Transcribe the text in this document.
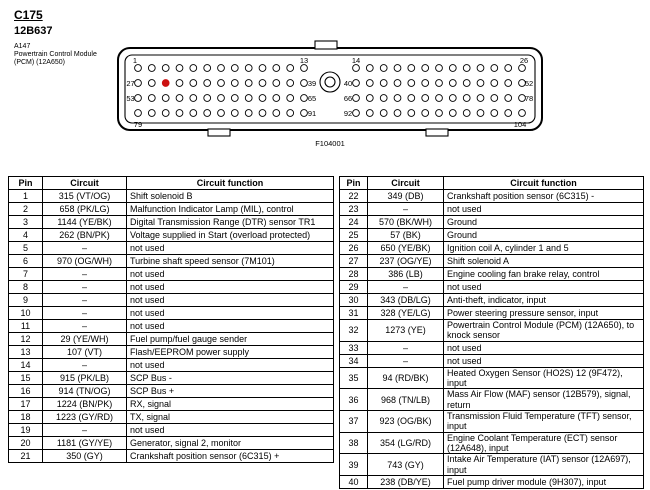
C175
12B637
A147
Powertrain Control Module
(PCM) (12A650)	1	13	14	26
27	39	40	52
53	65	66	78
79
91	92
104
F104001
Pin	Circuit	Circuit function
1	315 (VT/OG)	Shift solenoid B
2	658 (PK/LG)	Malfunction Indicator Lamp (MIL), control
3	1144 (YE/BK)	Digital Transmission Range (DTR) sensor TR1
4	262 (BN/PK)	Voltage supplied in Start (overload protected)
5	–	not used
6	970 (OG/WH)	Turbine shaft speed sensor (7M101)
7	–	not used
8	–	not used
9	–	not used
10	–	not used
11	–	not used
12	29 (YE/WH)	Fuel pump/fuel gauge sender
13	107 (VT)	Flash/EEPROM power supply
14	–	not used
15	915 (PK/LB)	SCP Bus -
16	914 (TN/OG)	SCP Bus +
17	1224 (BN/PK)	RX, signal
18	1223 (GY/RD)	TX, signal
19	–	not used
20	1181 (GY/YE)	Generator, signal 2, monitor
21	350 (GY)	Crankshaft position sensor (6C315) +
Pin	Circuit	Circuit function
22	349 (DB)	Crankshaft position sensor (6C315) -
23	–	not used
24	570 (BK/WH)	Ground
25	57 (BK)	Ground
26	650 (YE/BK)	Ignition coil A, cylinder 1 and 5
27	237 (OG/YE)	Shift solenoid A
28	386 (LB)	Engine cooling fan brake relay, control
29	–	not used
30	343 (DB/LG)	Anti-theft, indicator, input
31	328 (YE/LG)	Power steering pressure sensor, input
32	1273 (YE)	Powertrain Control Module (PCM) (12A650), to knock sensor
33	–	not used
34	–	not used
35	94 (RD/BK)	Heated Oxygen Sensor (HO2S) 12 (9F472), input
36	968 (TN/LB)	Mass Air Flow (MAF) sensor (12B579), signal, return
37	923 (OG/BK)	Transmission Fluid Temperature (TFT) sensor, input
38	354 (LG/RD)	Engine Coolant Temperature (ECT) sensor (12A648), input
39	743 (GY)	Intake Air Temperature (IAT) sensor (12A697), input
40	238 (DB/YE)	Fuel pump driver module (9H307), input
